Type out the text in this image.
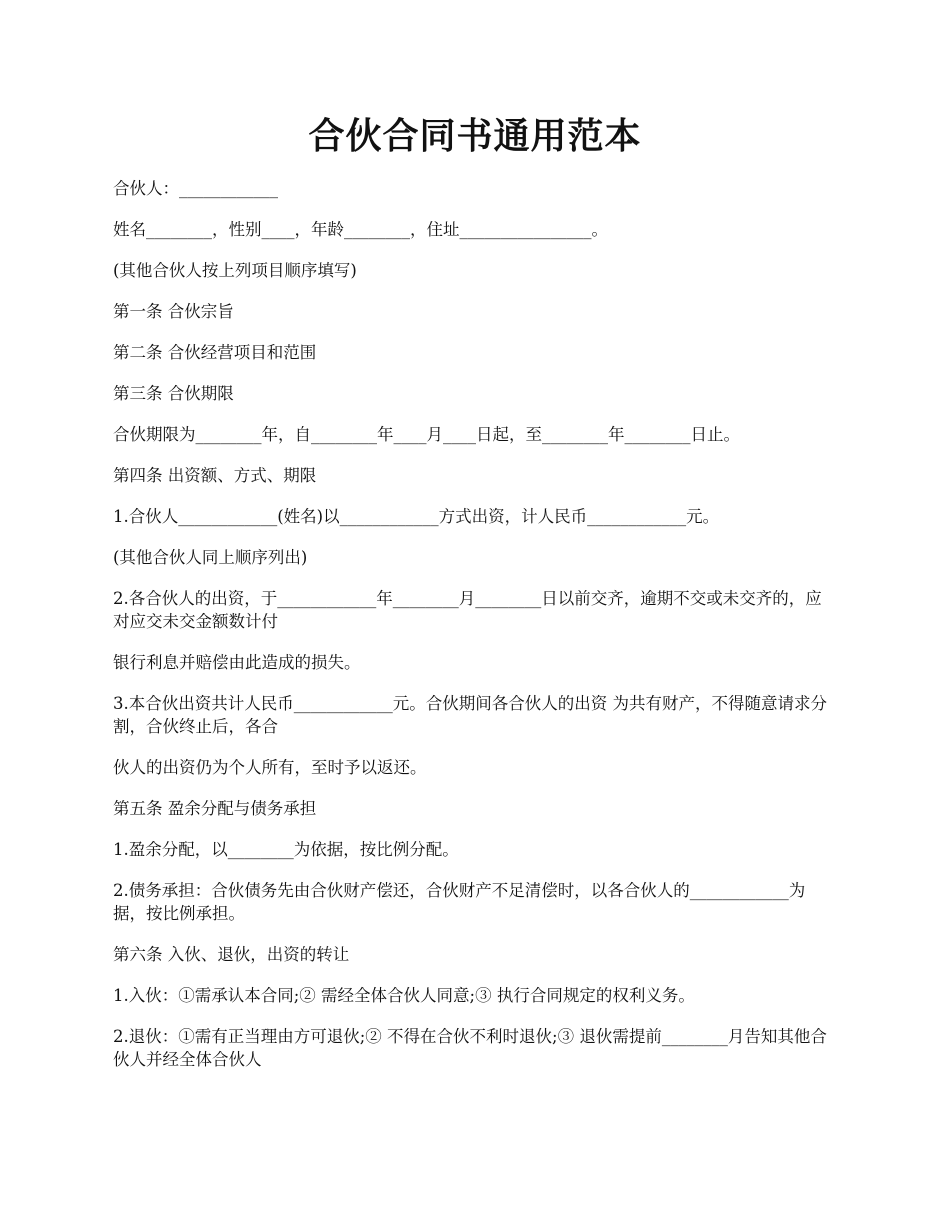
合伙合同书通用范本

合伙人：____________

姓名________，性别____，年龄________，住址________________。

(其他合伙人按上列项目顺序填写)

第一条 合伙宗旨

第二条 合伙经营项目和范围

第三条 合伙期限

合伙期限为________年，自________年____月____日起，至________年________日止。

第四条 出资额、方式、期限

1.合伙人____________(姓名)以____________方式出资，计人民币____________元。

(其他合伙人同上顺序列出)

2.各合伙人的出资，于____________年________月________日以前交齐，逾期不交或未交齐的，应对应交未交金额数计付

银行利息并赔偿由此造成的损失。

3.本合伙出资共计人民币____________元。合伙期间各合伙人的出资 为共有财产，不得随意请求分割，合伙终止后，各合

伙人的出资仍为个人所有，至时予以返还。

第五条 盈余分配与债务承担

1.盈余分配，以________为依据，按比例分配。

2.债务承担：合伙债务先由合伙财产偿还，合伙财产不足清偿时，以各合伙人的____________为据，按比例承担。

第六条 入伙、退伙，出资的转让

1.入伙：①需承认本合同;② 需经全体合伙人同意;③ 执行合同规定的权利义务。

2.退伙：①需有正当理由方可退伙;② 不得在合伙不利时退伙;③ 退伙需提前________月告知其他合伙人并经全体合伙人
